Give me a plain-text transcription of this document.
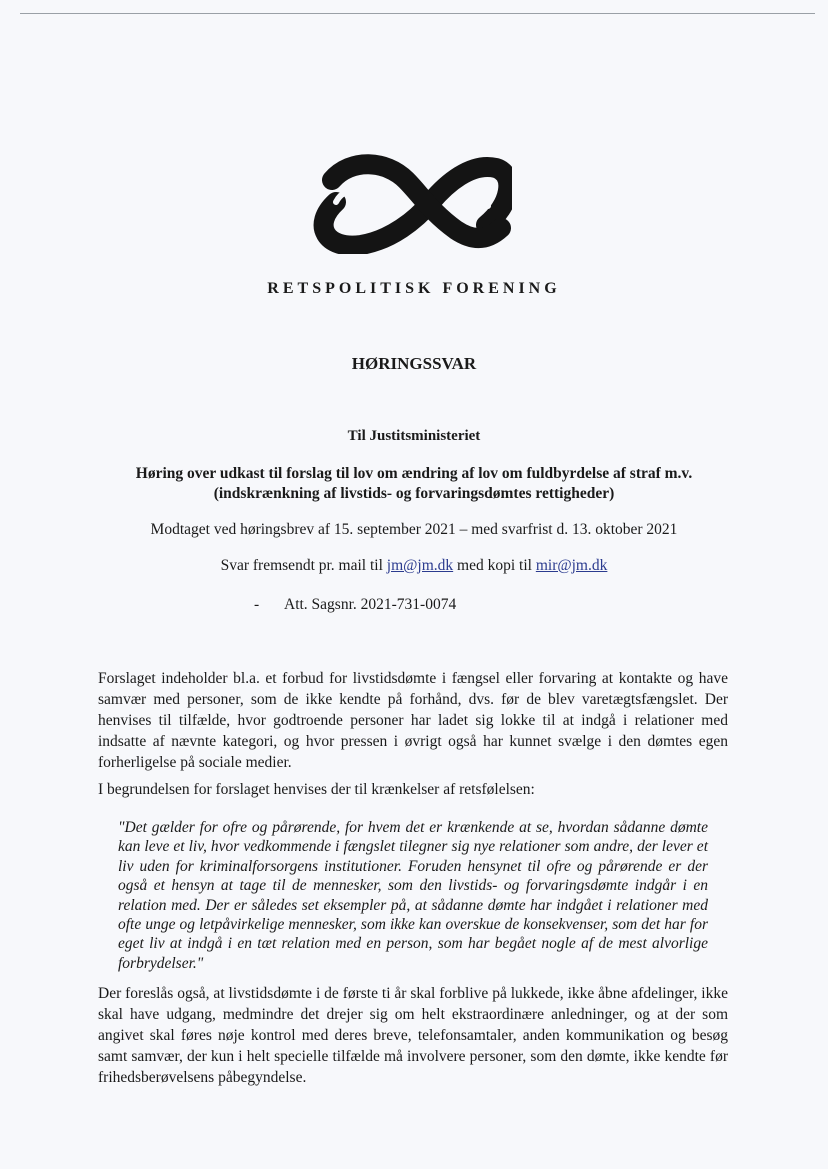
RETSPOLITISK FORENING
HØRINGSSVAR
Til Justitsministeriet
Høring over udkast til forslag til lov om ændring af lov om fuldbyrdelse af straf m.v.
(indskrænkning af livstids- og forvaringsdømtes rettigheder)
Modtaget ved høringsbrev af 15. september 2021 – med svarfrist d. 13. oktober 2021
Svar fremsendt pr. mail til jm@jm.dk med kopi til mir@jm.dk
- Att. Sagsnr. 2021-731-0074
Forslaget indeholder bl.a. et forbud for livstidsdømte i fængsel eller forvaring at kontakte og have samvær med personer, som de ikke kendte på forhånd, dvs. før de blev varetægtsfængslet. Der henvises til tilfælde, hvor godtroende personer har ladet sig lokke til at indgå i relationer med indsatte af nævnte kategori, og hvor pressen i øvrigt også har kunnet svælge i den dømtes egen forherligelse på sociale medier.
I begrundelsen for forslaget henvises der til krænkelser af retsfølelsen:
"Det gælder for ofre og pårørende, for hvem det er krænkende at se, hvordan sådanne dømte kan leve et liv, hvor vedkommende i fængslet tilegner sig nye relationer som andre, der lever et liv uden for kriminalforsorgens institutioner. Foruden hensynet til ofre og pårørende er der også et hensyn at tage til de mennesker, som den livstids- og forvaringsdømte indgår i en relation med. Der er således set eksempler på, at sådanne dømte har indgået i relationer med ofte unge og letpåvirkelige mennesker, som ikke kan overskue de konsekvenser, som det har for eget liv at indgå i en tæt relation med en person, som har begået nogle af de mest alvorlige forbrydelser."
Der foreslås også, at livstidsdømte i de første ti år skal forblive på lukkede, ikke åbne afdelinger, ikke skal have udgang, medmindre det drejer sig om helt ekstraordinære anledninger, og at der som angivet skal føres nøje kontrol med deres breve, telefonsamtaler, anden kommunikation og besøg samt samvær, der kun i helt specielle tilfælde må involvere personer, som den dømte, ikke kendte før frihedsberøvelsens påbegyndelse.
